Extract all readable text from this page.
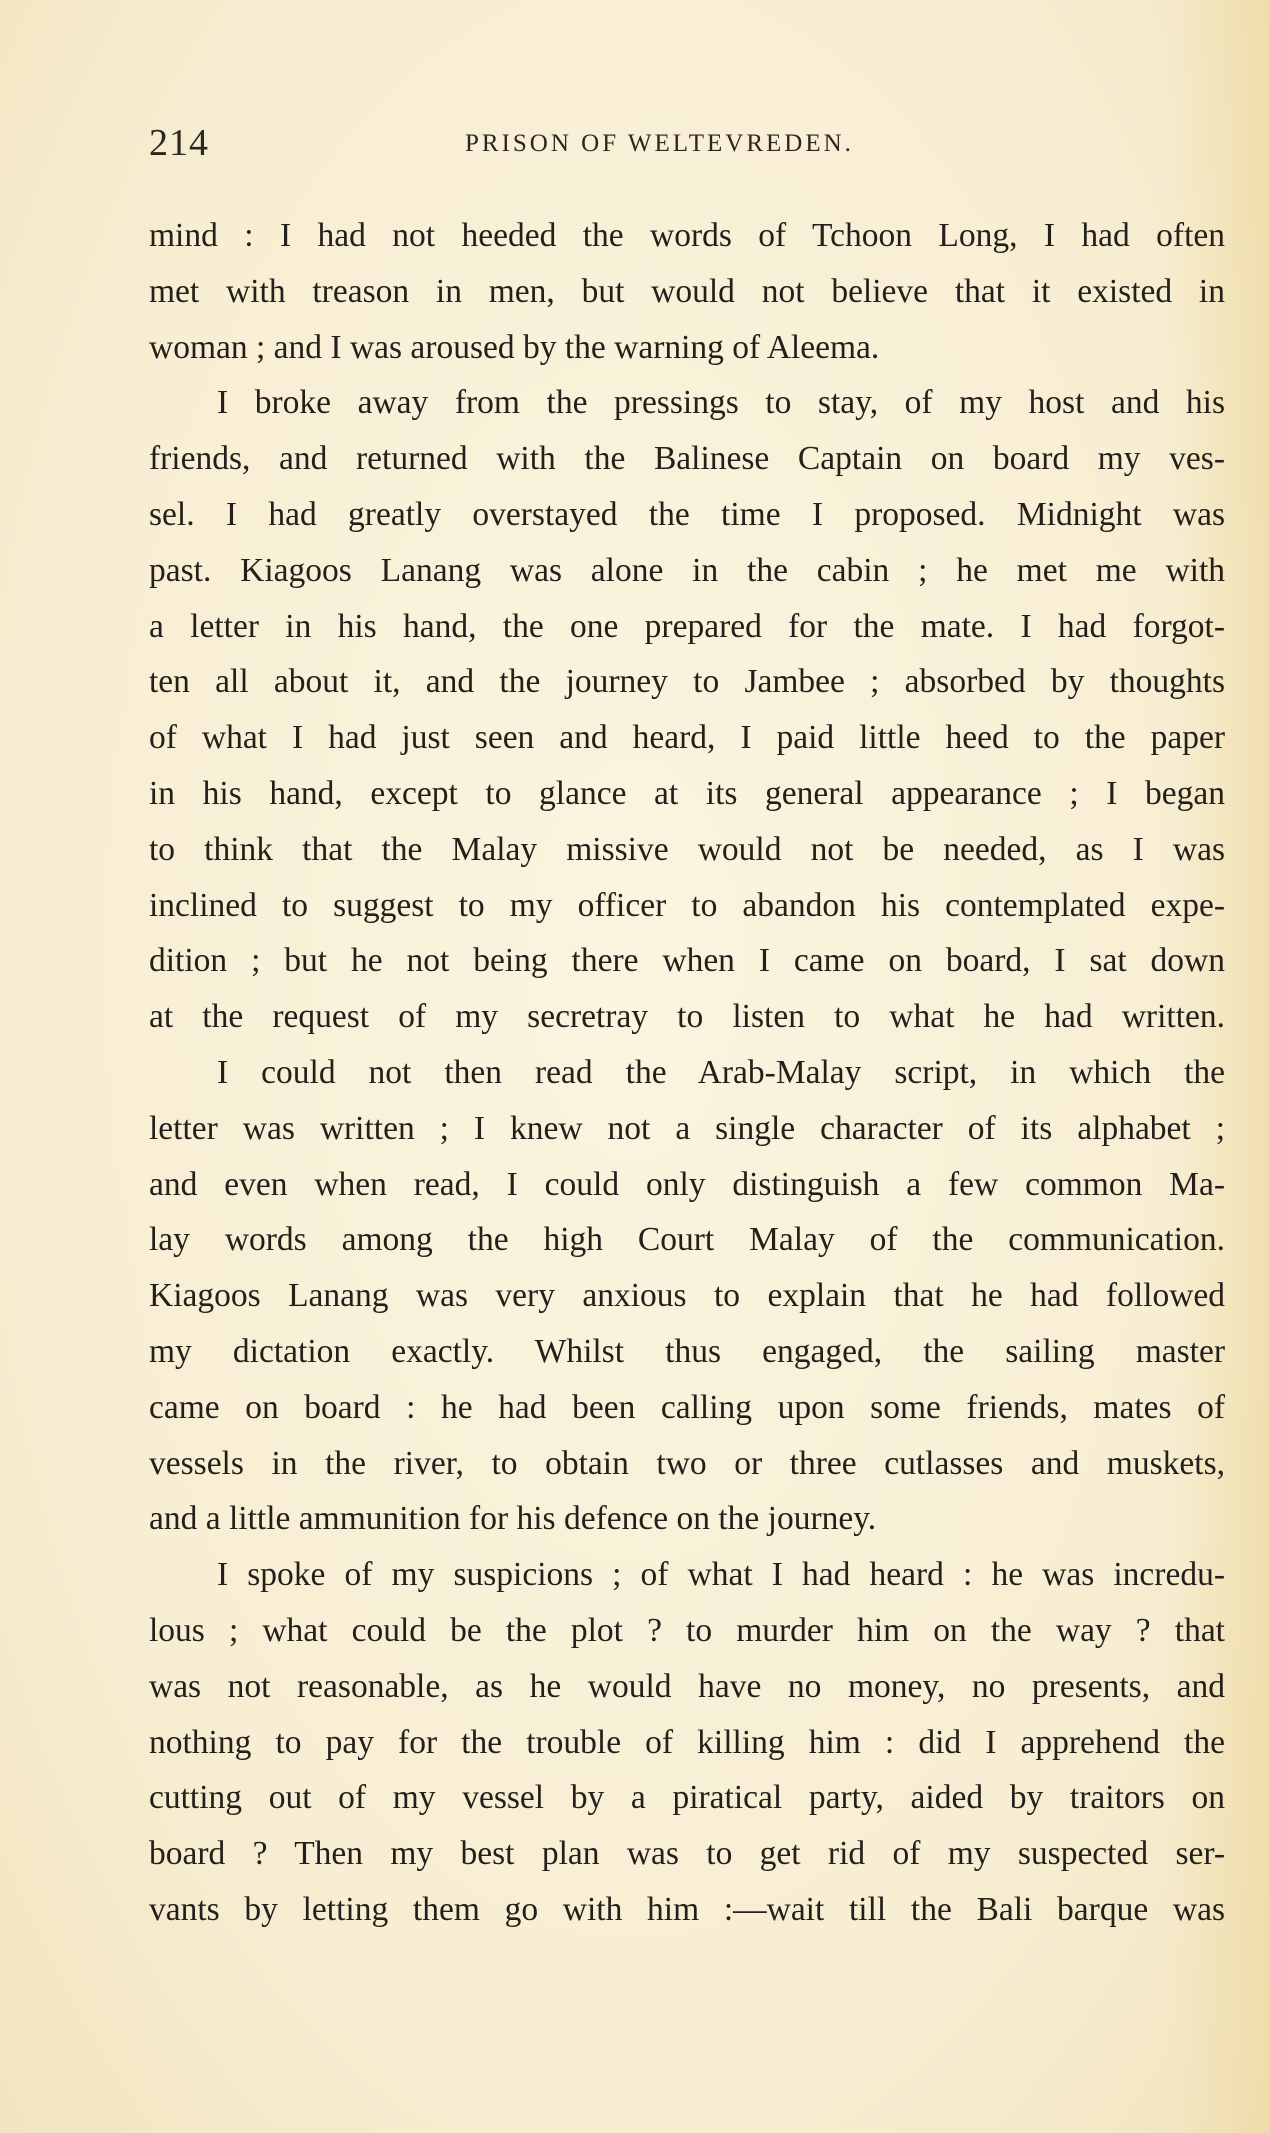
214	PRISON OF WELTEVREDEN.
mind : I had not heeded the words of Tchoon Long, I had often
met with treason in men, but would not believe that it existed in
woman ; and I was aroused by the warning of Aleema.
I broke away from the pressings to stay, of my host and his
friends, and returned with the Balinese Captain on board my ves-
sel. I had greatly overstayed the time I proposed. Midnight was
past. Kiagoos Lanang was alone in the cabin ; he met me with
a letter in his hand, the one prepared for the mate. I had forgot-
ten all about it, and the journey to Jambee ; absorbed by thoughts
of what I had just seen and heard, I paid little heed to the paper
in his hand, except to glance at its general appearance ; I began
to think that the Malay missive would not be needed, as I was
inclined to suggest to my officer to abandon his contemplated expe-
dition ; but he not being there when I came on board, I sat down
at the request of my secretray to listen to what he had written.
I could not then read the Arab-Malay script, in which the
letter was written ; I knew not a single character of its alphabet ;
and even when read, I could only distinguish a few common Ma-
lay words among the high Court Malay of the communication.
Kiagoos Lanang was very anxious to explain that he had followed
my dictation exactly. Whilst thus engaged, the sailing master
came on board : he had been calling upon some friends, mates of
vessels in the river, to obtain two or three cutlasses and muskets,
and a little ammunition for his defence on the journey.
I spoke of my suspicions ; of what I had heard : he was incredu-
lous ; what could be the plot ? to murder him on the way ? that
was not reasonable, as he would have no money, no presents, and
nothing to pay for the trouble of killing him : did I apprehend the
cutting out of my vessel by a piratical party, aided by traitors on
board ? Then my best plan was to get rid of my suspected ser-
vants by letting them go with him :—wait till the Bali barque was
